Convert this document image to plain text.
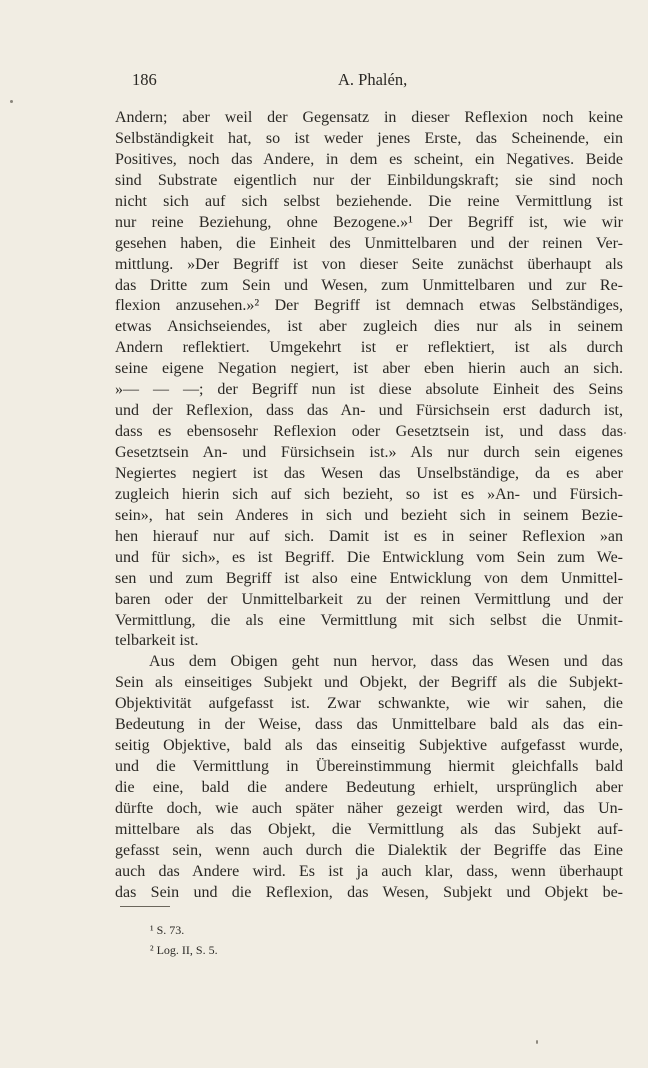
186	A. Phalén,
Andern; aber weil der Gegensatz in dieser Reflexion noch keine
Selbständigkeit hat, so ist weder jenes Erste, das Scheinende, ein
Positives, noch das Andere, in dem es scheint, ein Negatives. Beide
sind Substrate eigentlich nur der Einbildungskraft; sie sind noch
nicht sich auf sich selbst beziehende. Die reine Vermittlung ist
nur reine Beziehung, ohne Bezogene.»¹ Der Begriff ist, wie wir
gesehen haben, die Einheit des Unmittelbaren und der reinen Ver-
mittlung. »Der Begriff ist von dieser Seite zunächst überhaupt als
das Dritte zum Sein und Wesen, zum Unmittelbaren und zur Re-
flexion anzusehen.»² Der Begriff ist demnach etwas Selbständiges,
etwas Ansichseiendes, ist aber zugleich dies nur als in seinem
Andern reflektiert. Umgekehrt ist er reflektiert, ist als durch
seine eigene Negation negiert, ist aber eben hierin auch an sich.
»— — —; der Begriff nun ist diese absolute Einheit des Seins
und der Reflexion, dass das An- und Fürsichsein erst dadurch ist,
dass es ebensosehr Reflexion oder Gesetztsein ist, und dass das
Gesetztsein An- und Fürsichsein ist.» Als nur durch sein eigenes
Negiertes negiert ist das Wesen das Unselbständige, da es aber
zugleich hierin sich auf sich bezieht, so ist es »An- und Fürsich-
sein», hat sein Anderes in sich und bezieht sich in seinem Bezie-
hen hierauf nur auf sich. Damit ist es in seiner Reflexion »an
und für sich», es ist Begriff. Die Entwicklung vom Sein zum We-
sen und zum Begriff ist also eine Entwicklung von dem Unmittel-
baren oder der Unmittelbarkeit zu der reinen Vermittlung und der
Vermittlung, die als eine Vermittlung mit sich selbst die Unmit-
telbarkeit ist.
Aus dem Obigen geht nun hervor, dass das Wesen und das
Sein als einseitiges Subjekt und Objekt, der Begriff als die Subjekt-
Objektivität aufgefasst ist. Zwar schwankte, wie wir sahen, die
Bedeutung in der Weise, dass das Unmittelbare bald als das ein-
seitig Objektive, bald als das einseitig Subjektive aufgefasst wurde,
und die Vermittlung in Übereinstimmung hiermit gleichfalls bald
die eine, bald die andere Bedeutung erhielt, ursprünglich aber
dürfte doch, wie auch später näher gezeigt werden wird, das Un-
mittelbare als das Objekt, die Vermittlung als das Subjekt auf-
gefasst sein, wenn auch durch die Dialektik der Begriffe das Eine
auch das Andere wird. Es ist ja auch klar, dass, wenn überhaupt
das Sein und die Reflexion, das Wesen, Subjekt und Objekt be-
¹ S. 73.
² Log. II, S. 5.
